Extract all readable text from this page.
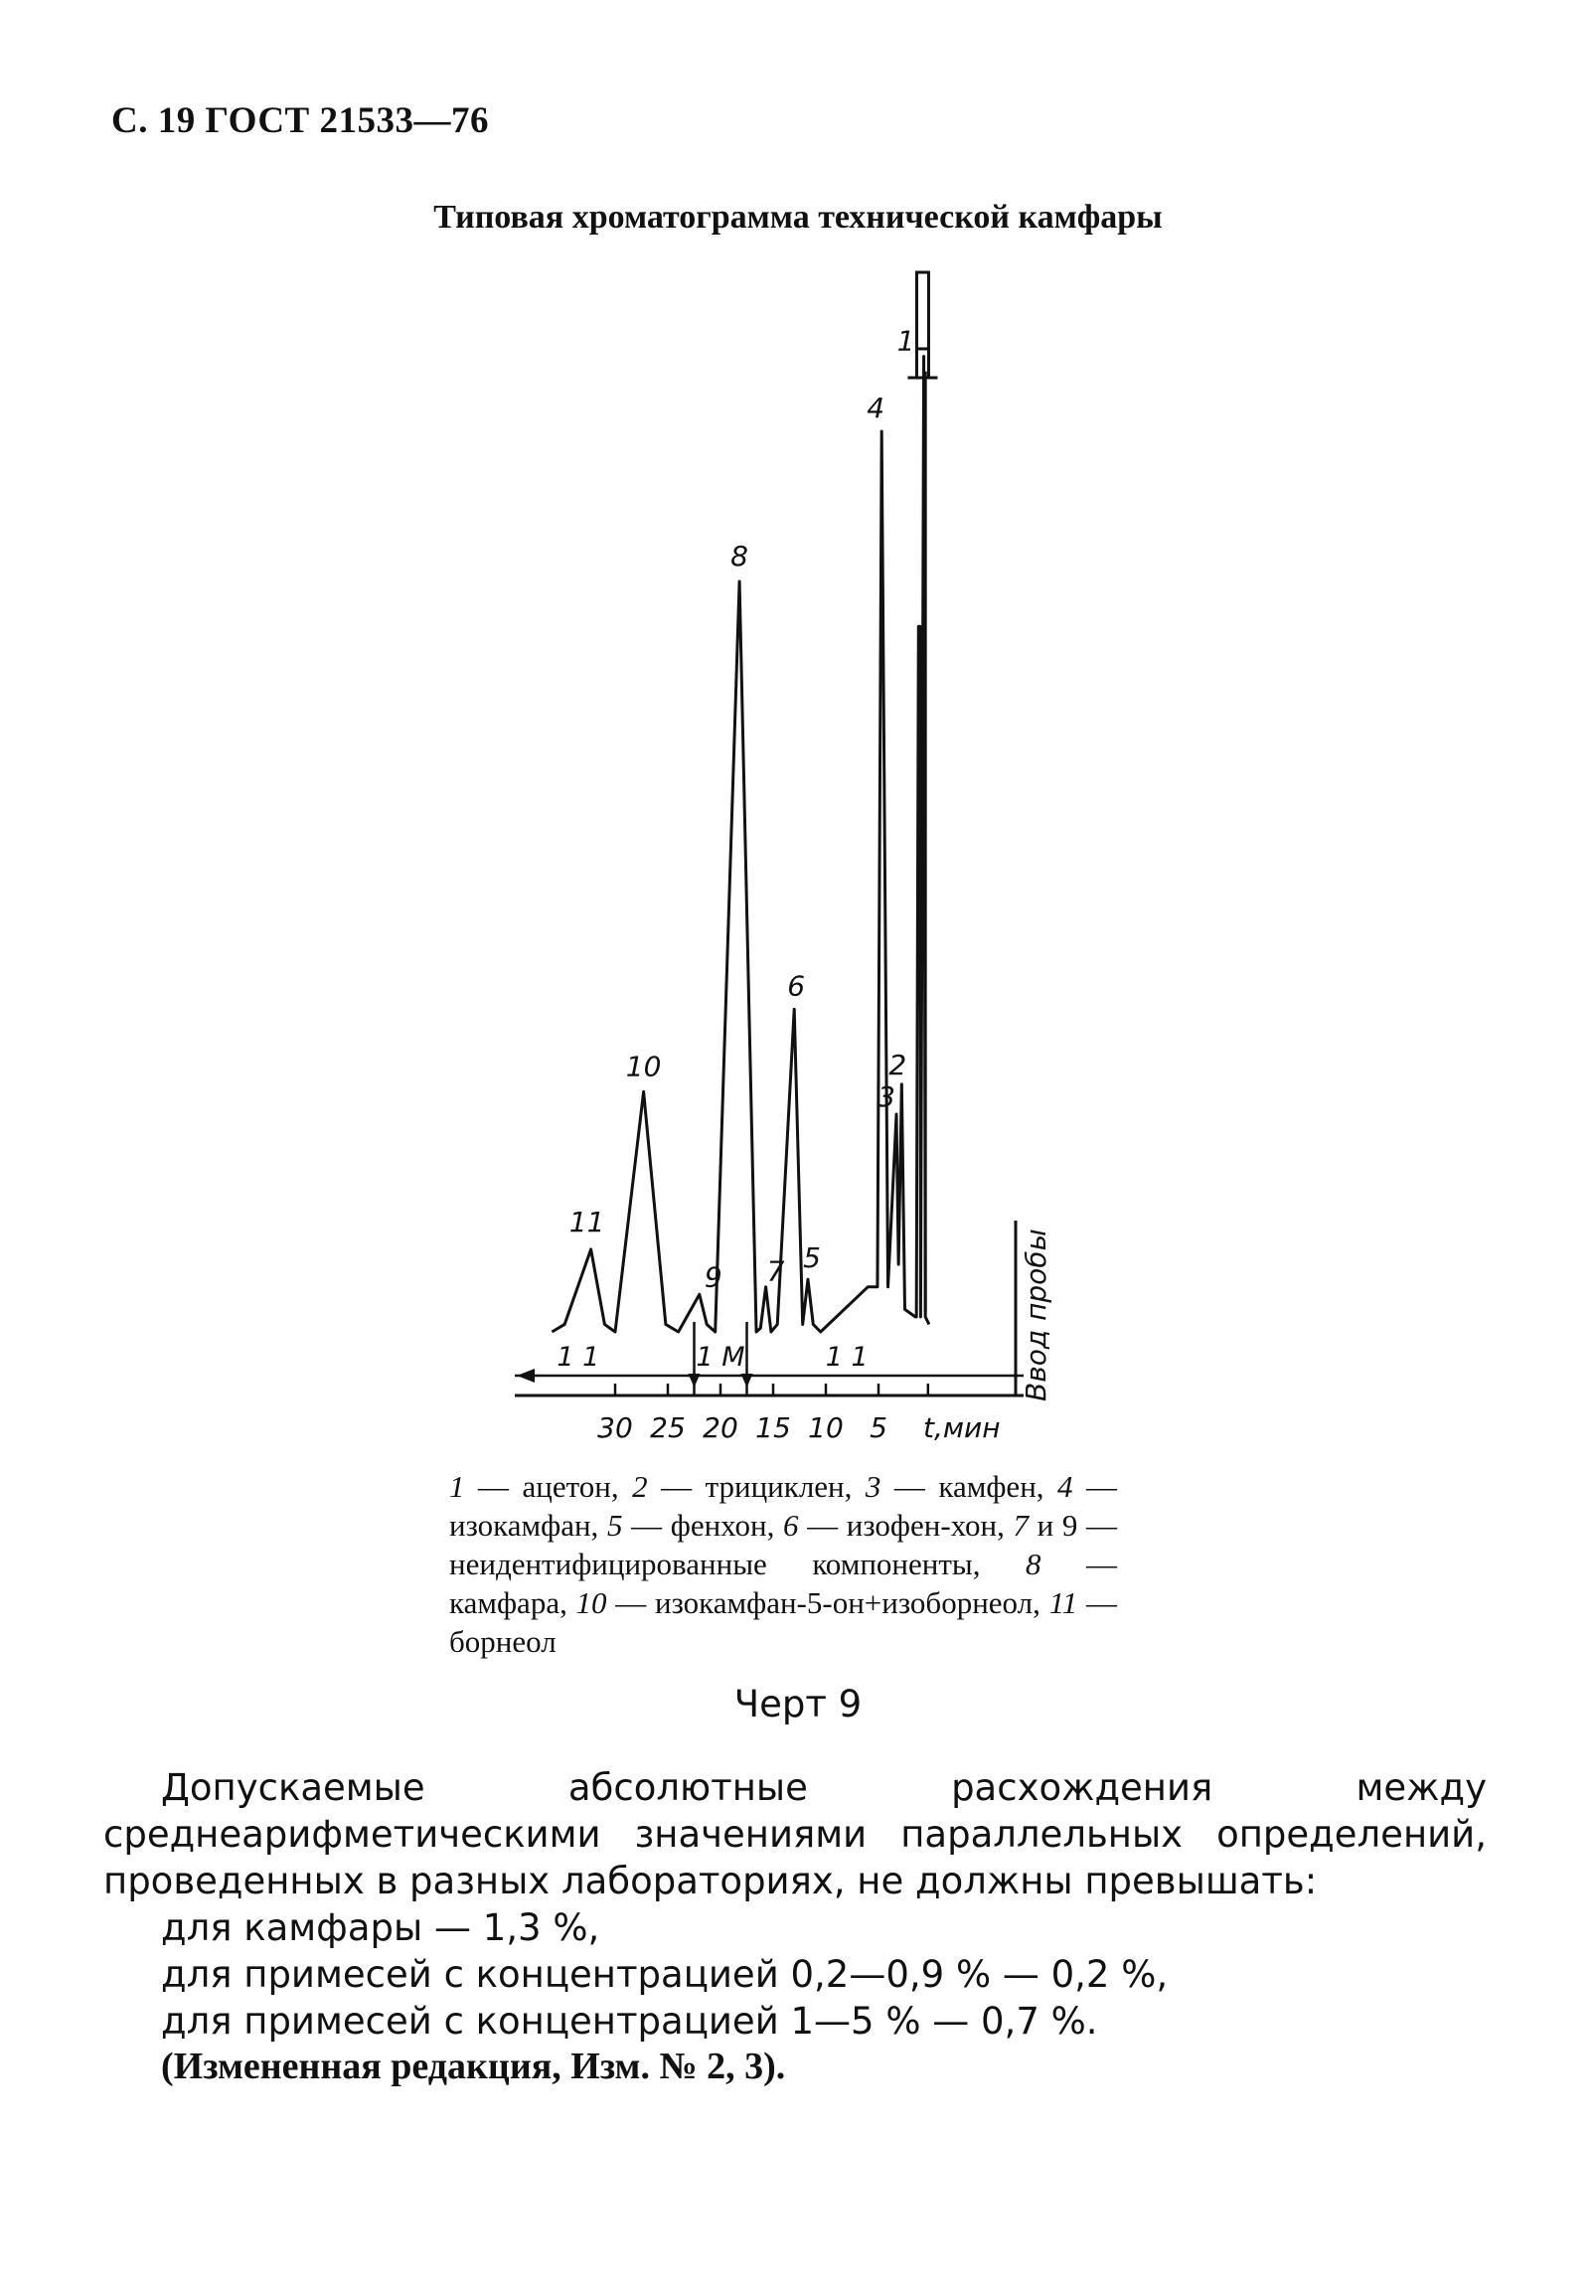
С. 19 ГОСТ 21533—76
Типовая хроматограмма технической камфары
30 25 20 15 10 5 t,мин
1 1	1 M	1 1
1
2
3
4
5
6
7
8
9
10
11
Ввод пробы
1 — ацетон, 2 — трициклен, 3 — камфен, 4 — изокамфан, 5 — фенхон, 6 — изофен-хон, 7 и 9 — неидентифицированные компоненты, 8 — камфара, 10 — изокамфан-5-он+изоборнеол, 11 — борнеол
Черт 9
Допускаемые абсолютные расхождения между среднеарифметическими значениями параллельных определений, проведенных в разных лабораториях, не должны превышать:
для камфары — 1,3 %,
для примесей с концентрацией 0,2—0,9 % — 0,2 %,
для примесей с концентрацией 1—5 % — 0,7 %.
(Измененная редакция, Изм. № 2, 3).
